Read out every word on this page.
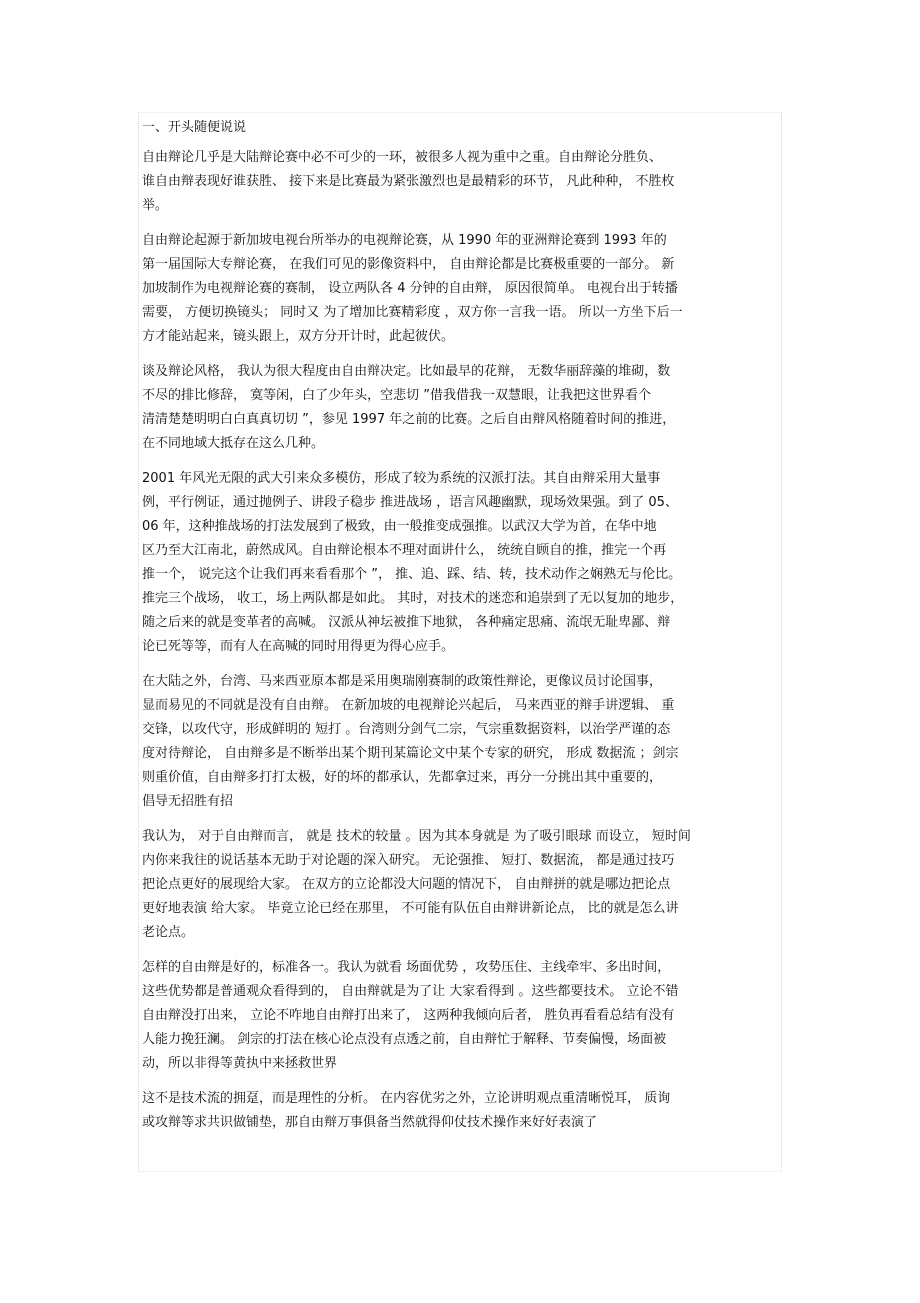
一、开头随便说说
自由辩论几乎是大陆辩论赛中必不可少的一环，被很多人视为重中之重。自由辩论分胜负、
谁自由辩表现好谁获胜、 接下来是比赛最为紧张激烈也是最精彩的环节， 凡此种种， 不胜枚
举。
自由辩论起源于新加坡电视台所举办的电视辩论赛，从 1990 年的亚洲辩论赛到 1993 年的
第一届国际大专辩论赛， 在我们可见的影像资料中， 自由辩论都是比赛极重要的一部分。 新
加坡制作为电视辩论赛的赛制， 设立两队各 4 分钟的自由辩， 原因很简单。 电视台出于转播
需要， 方便切换镜头； 同时又 为了增加比赛精彩度 ，双方你一言我一语。 所以一方坐下后一
方才能站起来，镜头跟上，双方分开计时，此起彼伏。
谈及辩论风格， 我认为很大程度由自由辩决定。比如最早的花辩， 无数华丽辞藻的堆砌，数
不尽的排比修辞， 寞等闲，白了少年头，空悲切 ”借我借我一双慧眼，让我把这世界看个
清清楚楚明明白白真真切切 ”，参见 1997 年之前的比赛。之后自由辩风格随着时间的推进，
在不同地域大抵存在这么几种。
2001 年风光无限的武大引来众多模仿，形成了较为系统的汉派打法。其自由辩采用大量事
例，平行例证，通过抛例子、讲段子稳步 推进战场 ，语言风趣幽默，现场效果强。到了 05、
06 年，这种推战场的打法发展到了极致，由一般推变成强推。以武汉大学为首，在华中地
区乃至大江南北，蔚然成风。自由辩论根本不理对面讲什么， 统统自顾自的推，推完一个再
推一个， 说完这个让我们再来看看那个 ”， 推、追、踩、结、转，技术动作之娴熟无与伦比。
推完三个战场， 收工，场上两队都是如此。 其时，对技术的迷恋和追崇到了无以复加的地步，
随之后来的就是变革者的高喊。 汉派从神坛被推下地狱， 各种痛定思痛、流氓无耻卑鄙、辩
论已死等等，而有人在高喊的同时用得更为得心应手。
在大陆之外，台湾、马来西亚原本都是采用奥瑞刚赛制的政策性辩论，更像议员讨论国事，
显而易见的不同就是没有自由辩。 在新加坡的电视辩论兴起后， 马来西亚的辩手讲逻辑、 重
交锋，以攻代守，形成鲜明的 短打 。台湾则分剑气二宗，气宗重数据资料，以治学严谨的态
度对待辩论， 自由辩多是不断举出某个期刊某篇论文中某个专家的研究， 形成 数据流 ；剑宗
则重价值，自由辩多打打太极，好的坏的都承认，先都拿过来，再分一分挑出其中重要的，
倡导无招胜有招
我认为， 对于自由辩而言， 就是 技术的较量 。因为其本身就是 为了吸引眼球 而设立， 短时间
内你来我往的说话基本无助于对论题的深入研究。 无论强推、 短打、数据流， 都是通过技巧
把论点更好的展现给大家。 在双方的立论都没大问题的情况下， 自由辩拼的就是哪边把论点
更好地表演 给大家。 毕竟立论已经在那里， 不可能有队伍自由辩讲新论点， 比的就是怎么讲
老论点。
怎样的自由辩是好的，标准各一。我认为就看 场面优势 ，攻势压住、主线牵牢、多出时间，
这些优势都是普通观众看得到的， 自由辩就是为了让 大家看得到 。这些都要技术。 立论不错
自由辩没打出来， 立论不咋地自由辩打出来了， 这两种我倾向后者， 胜负再看看总结有没有
人能力挽狂澜。 剑宗的打法在核心论点没有点透之前，自由辩忙于解释、节奏偏慢，场面被
动，所以非得等黄执中来拯救世界
这不是技术流的拥趸，而是理性的分析。 在内容优劣之外，立论讲明观点重清晰悦耳， 质询
或攻辩等求共识做铺垫，那自由辩万事俱备当然就得仰仗技术操作来好好表演了
